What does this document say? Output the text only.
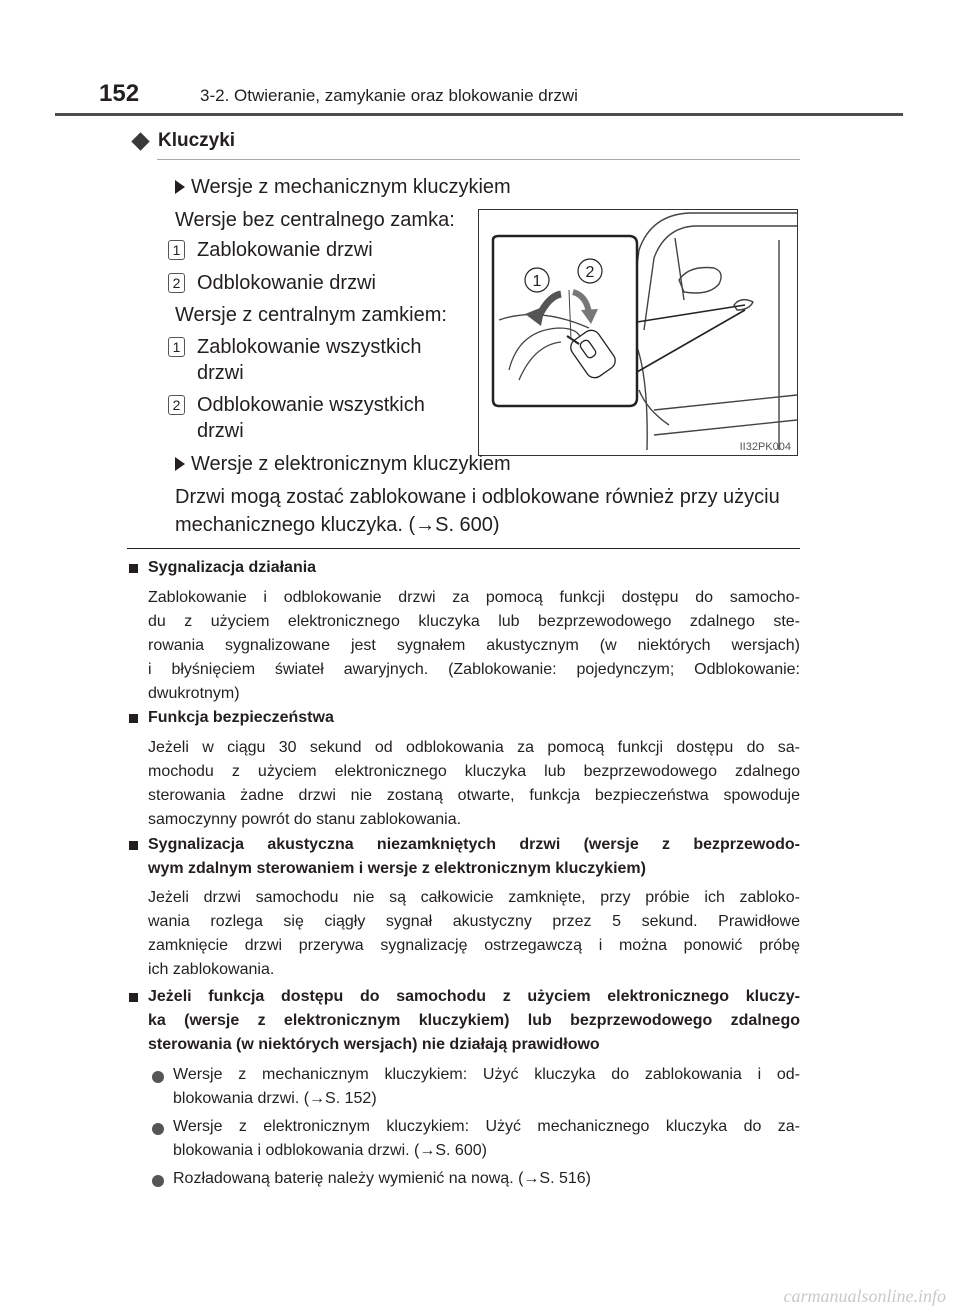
152	3-2. Otwieranie, zamykanie oraz blokowanie drzwi
Kluczyki
Wersje z mechanicznym kluczykiem
Wersje bez centralnego zamka:
1 Zablokowanie drzwi
2 Odblokowanie drzwi
Wersje z centralnym zamkiem:
1 Zablokowanie wszystkich
drzwi
2 Odblokowanie wszystkich
drzwi
1
2
II32PK004
Wersje z elektronicznym kluczykiem
Drzwi mogą zostać zablokowane i odblokowane również przy użyciu
mechanicznego kluczyka. (→S. 600)
Sygnalizacja działania
Zablokowanie i odblokowanie drzwi za pomocą funkcji dostępu do samocho-
du z użyciem elektronicznego kluczyka lub bezprzewodowego zdalnego ste-
rowania sygnalizowane jest sygnałem akustycznym (w niektórych wersjach)
i błyśnięciem świateł awaryjnych. (Zablokowanie: pojedynczym; Odblokowanie:
dwukrotnym)
Funkcja bezpieczeństwa
Jeżeli w ciągu 30 sekund od odblokowania za pomocą funkcji dostępu do sa-
mochodu z użyciem elektronicznego kluczyka lub bezprzewodowego zdalnego
sterowania żadne drzwi nie zostaną otwarte, funkcja bezpieczeństwa spowoduje
samoczynny powrót do stanu zablokowania.
Sygnalizacja akustyczna niezamkniętych drzwi (wersje z bezprzewodo-
wym zdalnym sterowaniem i wersje z elektronicznym kluczykiem)
Jeżeli drzwi samochodu nie są całkowicie zamknięte, przy próbie ich zabloko-
wania rozlega się ciągły sygnał akustyczny przez 5 sekund. Prawidłowe
zamknięcie drzwi przerywa sygnalizację ostrzegawczą i można ponowić próbę
ich zablokowania.
Jeżeli funkcja dostępu do samochodu z użyciem elektronicznego kluczy-
ka (wersje z elektronicznym kluczykiem) lub bezprzewodowego zdalnego
sterowania (w niektórych wersjach) nie działają prawidłowo
Wersje z mechanicznym kluczykiem: Użyć kluczyka do zablokowania i od-
blokowania drzwi. (→S. 152)
Wersje z elektronicznym kluczykiem: Użyć mechanicznego kluczyka do za-
blokowania i odblokowania drzwi. (→S. 600)
Rozładowaną baterię należy wymienić na nową. (→S. 516)
carmanualsonline.info
